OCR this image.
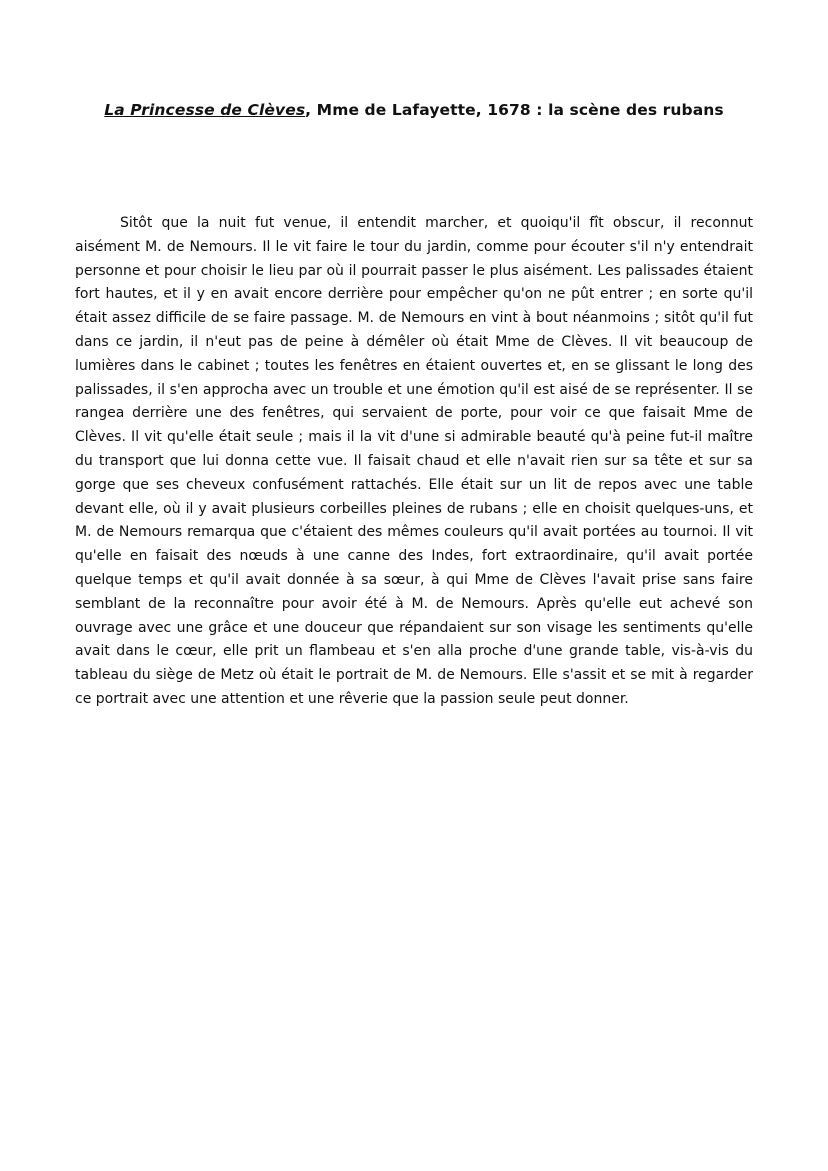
La Princesse de Clèves, Mme de Lafayette, 1678 : la scène des rubans

Sitôt que la nuit fut venue, il entendit marcher, et quoiqu'il fît obscur, il reconnut aisément M. de Nemours. Il le vit faire le tour du jardin, comme pour écouter s'il n'y entendrait personne et pour choisir le lieu par où il pourrait passer le plus aisément. Les palissades étaient fort hautes, et il y en avait encore derrière pour empêcher qu'on ne pût entrer ; en sorte qu'il était assez difficile de se faire passage. M. de Nemours en vint à bout néanmoins ; sitôt qu'il fut dans ce jardin, il n'eut pas de peine à démêler où était Mme de Clèves. Il vit beaucoup de lumières dans le cabinet ; toutes les fenêtres en étaient ouvertes et, en se glissant le long des palissades, il s'en approcha avec un trouble et une émotion qu'il est aisé de se représenter. Il se rangea derrière une des fenêtres, qui servaient de porte, pour voir ce que faisait Mme de Clèves. Il vit qu'elle était seule ; mais il la vit d'une si admirable beauté qu'à peine fut-il maître du transport que lui donna cette vue. Il faisait chaud et elle n'avait rien sur sa tête et sur sa gorge que ses cheveux confusément rattachés. Elle était sur un lit de repos avec une table devant elle, où il y avait plusieurs corbeilles pleines de rubans ; elle en choisit quelques-uns, et M. de Nemours remarqua que c'étaient des mêmes couleurs qu'il avait portées au tournoi. Il vit qu'elle en faisait des nœuds à une canne des Indes, fort extraordinaire, qu'il avait portée quelque temps et qu'il avait donnée à sa sœur, à qui Mme de Clèves l'avait prise sans faire semblant de la reconnaître pour avoir été à M. de Nemours. Après qu'elle eut achevé son ouvrage avec une grâce et une douceur que répandaient sur son visage les sentiments qu'elle avait dans le cœur, elle prit un flambeau et s'en alla proche d'une grande table, vis-à-vis du tableau du siège de Metz où était le portrait de M. de Nemours. Elle s'assit et se mit à regarder ce portrait avec une attention et une rêverie que la passion seule peut donner.
